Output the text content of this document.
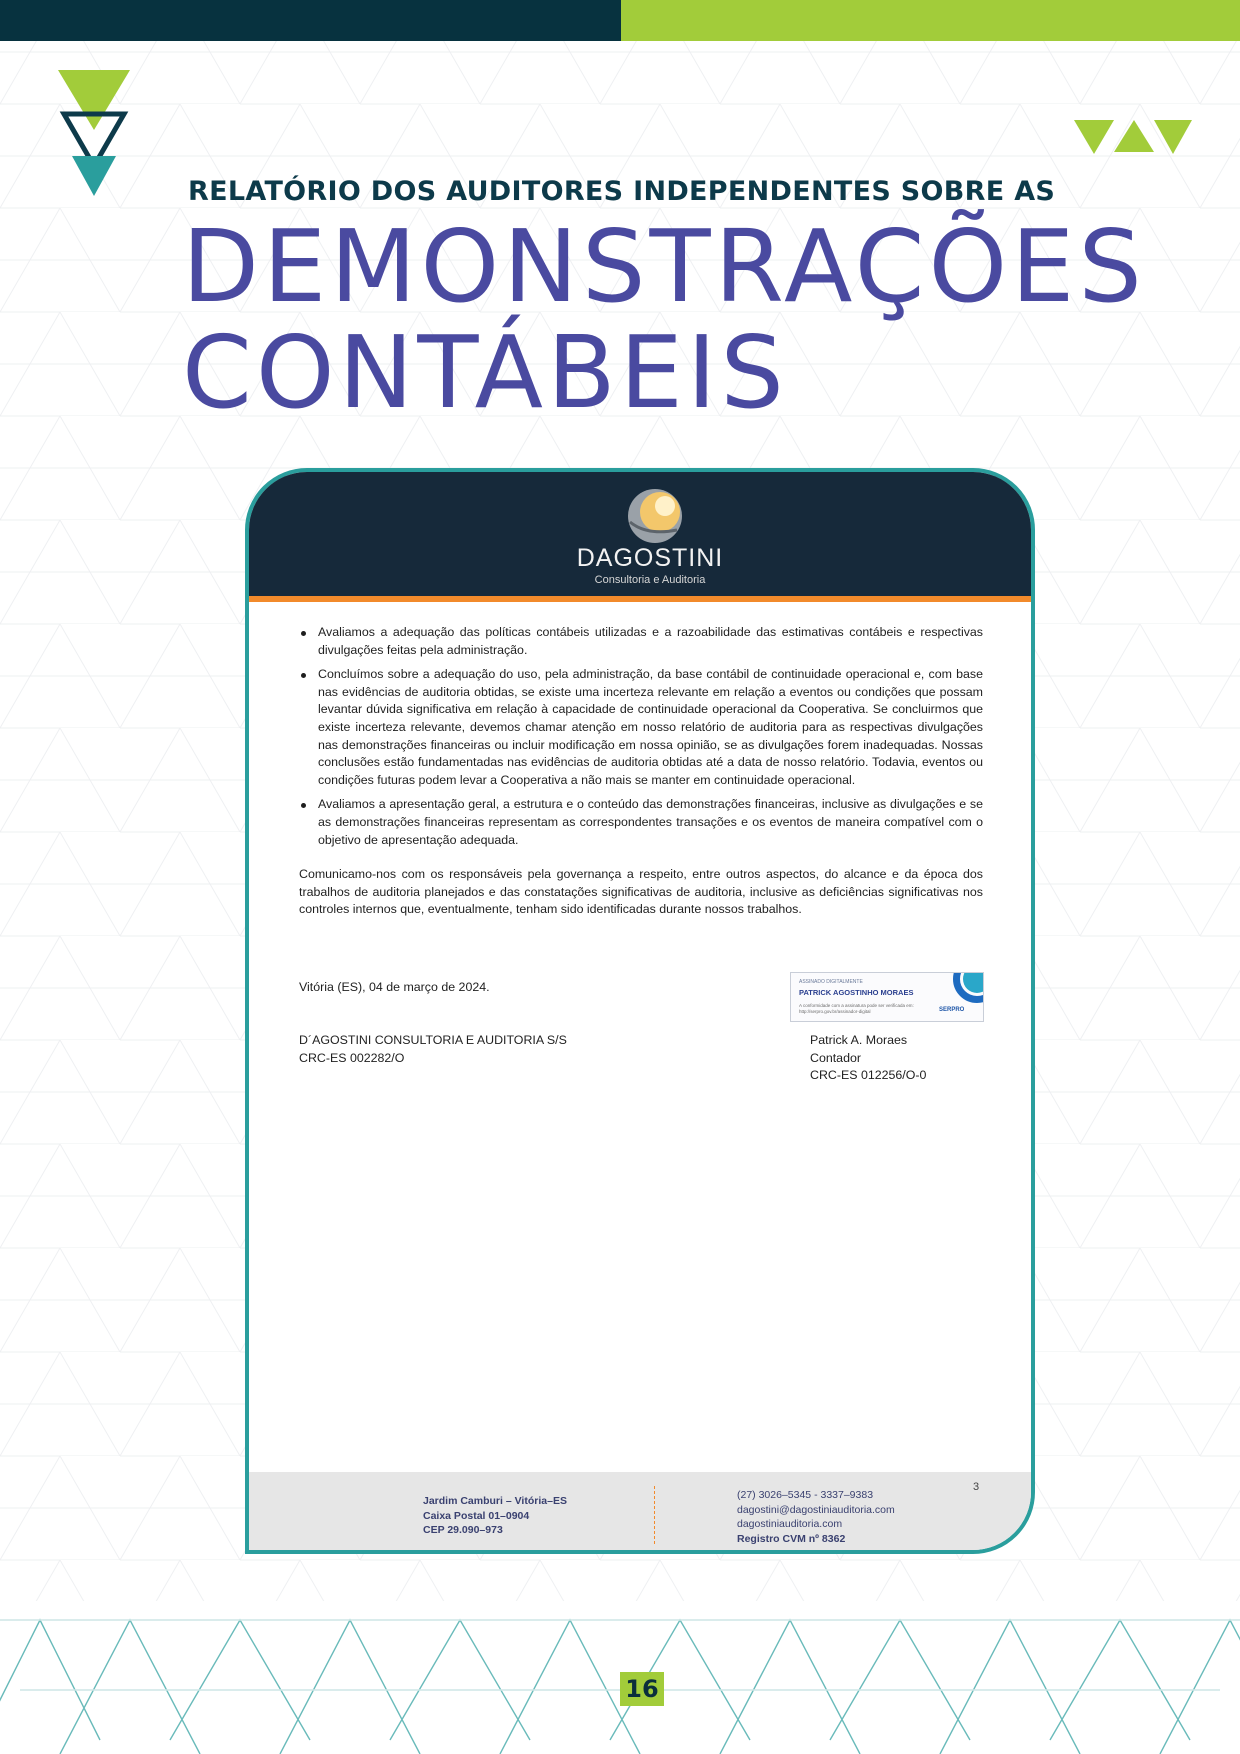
RELATÓRIO DOS AUDITORES INDEPENDENTES SOBRE AS
DEMONSTRAÇÕES
CONTÁBEIS
DAGOSTINI
Consultoria e Auditoria
Avaliamos a adequação das políticas contábeis utilizadas e a razoabilidade das estimativas contábeis e respectivas divulgações feitas pela administração.
Concluímos sobre a adequação do uso, pela administração, da base contábil de continuidade operacional e, com base nas evidências de auditoria obtidas, se existe uma incerteza relevante em relação a eventos ou condições que possam levantar dúvida significativa em relação à capacidade de continuidade operacional da Cooperativa. Se concluirmos que existe incerteza relevante, devemos chamar atenção em nosso relatório de auditoria para as respectivas divulgações nas demonstrações financeiras ou incluir modificação em nossa opinião, se as divulgações forem inadequadas. Nossas conclusões estão fundamentadas nas evidências de auditoria obtidas até a data de nosso relatório. Todavia, eventos ou condições futuras podem levar a Cooperativa a não mais se manter em continuidade operacional.
Avaliamos a apresentação geral, a estrutura e o conteúdo das demonstrações financeiras, inclusive as divulgações e se as demonstrações financeiras representam as correspondentes transações e os eventos de maneira compatível com o objetivo de apresentação adequada.
Comunicamo-nos com os responsáveis pela governança a respeito, entre outros aspectos, do alcance e da época dos trabalhos de auditoria planejados e das constatações significativas de auditoria, inclusive as deficiências significativas nos controles internos que, eventualmente, tenham sido identificadas durante nossos trabalhos.
Vitória (ES), 04 de março de 2024.	ASSINADO DIGITALMENTE
PATRICK AGOSTINHO MORAES
A conformidade com a assinatura pode ser verificada em: http://serpro.gov.br/assinador-digital	SERPRO
D´AGOSTINI CONSULTORIA E AUDITORIA S/S
CRC-ES 002282/O
Patrick A. Moraes
Contador
CRC-ES 012256/O-0
Jardim Camburi – Vitória–ES
Caixa Postal 01–0904
CEP 29.090–973
(27) 3026–5345 - 3337–9383
dagostini@dagostiniauditoria.com
dagostiniauditoria.com
Registro CVM nº 8362
3
16
